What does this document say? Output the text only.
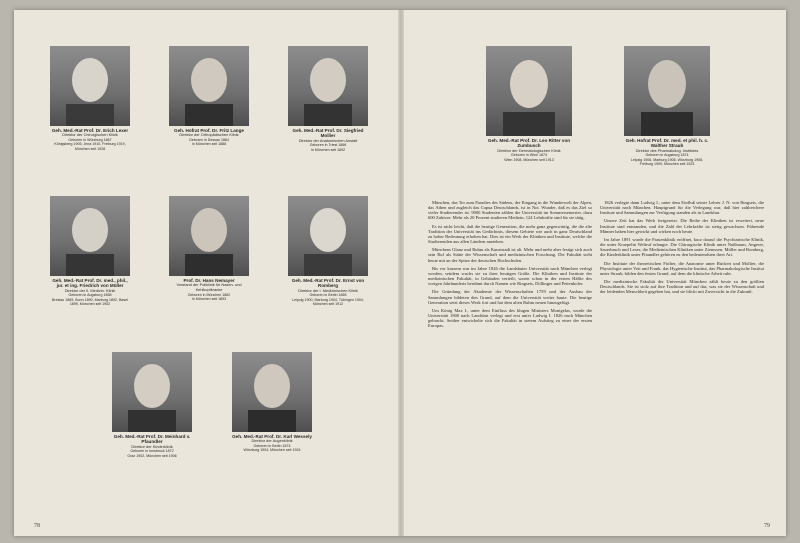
Geh. Med.-Rat Prof. Dr. Erich Lexer
Direktor der Chirurgischen Klinik
Geboren in Würzburg 1867
Königsberg 1905, Jena 1910, Freiburg 1919, München seit 1928
Geh. Hofrat Prof. Dr. Fritz Lange
Direktor der Orthopädischen Klinik
Geboren in Dessau 1864
In München seit 1888
Geh. Med.-Rat Prof. Dr. Siegfried Mollier
Direktor der Anatomischen Anstalt
Geboren in Triest 1866
In München seit 1892
Geh. Med.-Rat Prof. Dr. med., phil., jur. et ing. Friedrich von Müller
Direktor der II. Medizin. Klinik
Geboren in Augsburg 1858
Breslau 1889, Bonn 1890, Marburg 1892, Basel 1899, München seit 1902
Prof. Dr. Hans Nemayer
Vorstand der Poliklinik für Nasen- und Kehlkopfkranke
Geboren in München 1862
In München seit 1893
Geh. Med.-Rat Prof. Dr. Ernst von Romberg
Direktor der I. Medizinischen Klinik
Geboren in Berlin 1865
Leipzig 1900, Marburg 1904, Tübingen 1904, München seit 1912
Geh. Med.-Rat Prof. Dr. Meinhard v. Pfaundler
Direktor der Kinderklinik
Geboren in Innsbruck 1872
Graz 1902, München seit 1906
Geh. Med.-Rat Prof. Dr. Karl Wessely
Direktor der Augenklinik
Geboren in Berlin 1874
Würzburg 1904, München seit 1924
78
Geh. Med.-Rat Prof. Dr. Leo Ritter von Zumbusch
Direktor der Dermatologischen Klinik
Geboren in Wien 1874
Wien 1908, München seit 1913
Geh. Hofrat Prof. Dr. med. et phil. h. c. Walther Straub
Direktor des Pharmakolog. Institutes
Geboren in Augsburg 1874
Leipzig 1906, Marburg 1908, Würzburg 1908, Freiburg 1909, München seit 1923

München, das Tor zum Paradies des Südens, der Eingang in die Wunderwelt der Alpen, das Athen und zugleich das Capua Deutschlands, ist in Not. Wunder, daß es das Ziel so vieler Studierender ist. 9000 Studenten zählen die Universität im Sommersemester, dazu 600 Zuhörer. Mehr als 20 Prozent studieren Medizin, 124 Lehrkräfte sind für sie tätig.

Es ist nicht leicht, daß die heutige Generation, die mehr ganz gegenwärtig, die die alte Tradition der Universität ins Gedächtnis, diesem Gebiete wie auch in ganz Deutschland zu hoher Bedeutung erhoben hat. Dies ist ein Werk der Kliniken und Institute, welche die Studierenden aus allen Ländern anziehen.

Münchens Glanz und Ruhm als Kunststadt ist alt. Mehr und mehr aber festigt sich auch sein Ruf als Stätte der Wissenschaft und medizinischen Forschung. Die Fakultät steht heute mit an der Spitze der deutschen Hochschulen.

Bis vor kurzem war im Jahre 1826 die Landshuter Universität nach München verlegt worden, seitdem wuchs sie zu ihrer heutigen Größe. Die Kliniken und Institute der medizinischen Fakultät, in Gebäuden verteilt, waren schon in der ersten Hälfte des vorigen Jahrhunderts berühmt durch Namen wie Ringseis, Döllinger und Pettenkofer.

Die Gründung der Akademie der Wissenschaften 1759 und der Ausbau der Sammlungen bildeten den Grund, auf dem die Universität weiter baute. Die heutige Generation setzt dieses Werk fort und hat dem alten Ruhm neuen hinzugefügt.

Um König Max I., unter dem Einfluss des klugen Ministers Montgelas, wurde die Universität 1800 nach Landshut verlegt und erst unter Ludwig I. 1826 nach München gebracht. Seither entwickelte sich die Fakultät in stetem Aufstieg zu einer der ersten Europas.

1826 verlegte dann Ludwig I., unter dem Einfluß seiner Lehrer J. N. von Ringseis, die Universität nach München. Hauptgrund für die Verlegung war, daß hier zahlreichere Institute und Sammlungen zur Verfügung standen als in Landshut.

Unsere Zeit hat das Werk fortgesetzt. Die Reihe der Kliniken ist erweitert, neue Institute sind entstanden, und die Zahl der Lehrkräfte ist stetig gewachsen. Führende Männer haben hier gewirkt und wirken noch heute.

Im Jahre 1891 wurde die Frauenklinik eröffnet, kurz darauf die Psychiatrische Klinik, die unter Kraepelin Weltruf erlangte. Die Chirurgische Klinik unter Nußbaum, Angerer, Sauerbruch und Lexer, die Medizinischen Kliniken unter Ziemssen, Müller und Romberg, die Kinderklinik unter Pfaundler gehören zu den bedeutendsten ihrer Art.

Die Institute der theoretischen Fächer, die Anatomie unter Rückert und Mollier, die Physiologie unter Voit und Frank, das Hygienische Institut, das Pharmakologische Institut unter Straub, bilden den festen Grund, auf dem die klinische Arbeit ruht.

Die medizinische Fakultät der Universität München zählt heute zu den größten Deutschlands. Sie ist stolz auf ihre Tradition und auf das, was sie der Wissenschaft und der leidenden Menschheit gegeben hat, und sie blickt mit Zuversicht in die Zukunft.

79
